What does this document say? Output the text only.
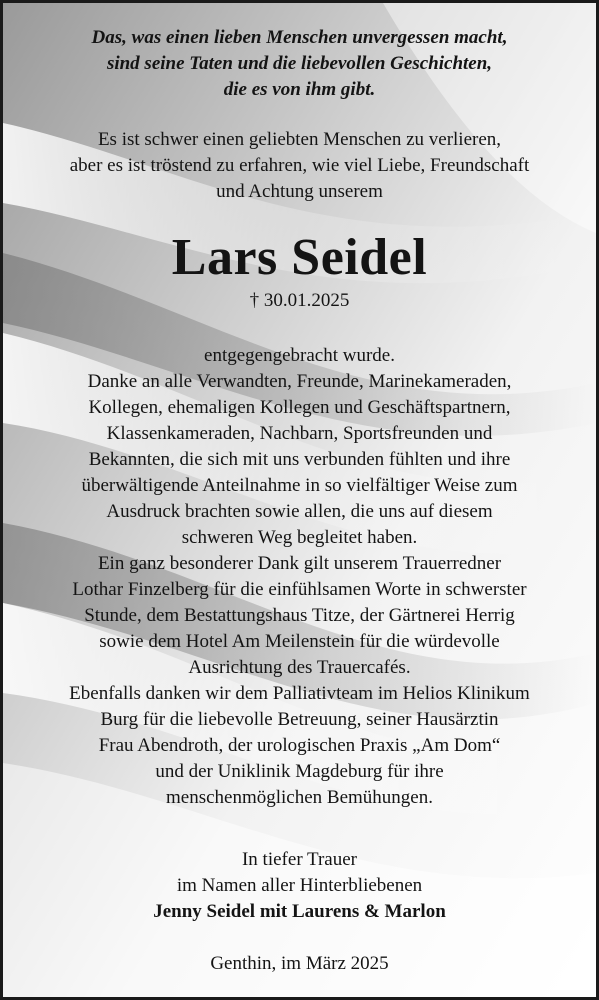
Das, was einen lieben Menschen unvergessen macht,
sind seine Taten und die liebevollen Geschichten,
die es von ihm gibt.
Es ist schwer einen geliebten Menschen zu verlieren,
aber es ist tröstend zu erfahren, wie viel Liebe, Freundschaft
und Achtung unserem
Lars Seidel
† 30.01.2025
entgegengebracht wurde.
Danke an alle Verwandten, Freunde, Marinekameraden,
Kollegen, ehemaligen Kollegen und Geschäftspartnern,
Klassenkameraden, Nachbarn, Sportsfreunden und
Bekannten, die sich mit uns verbunden fühlten und ihre
überwältigende Anteilnahme in so vielfältiger Weise zum
Ausdruck brachten sowie allen, die uns auf diesem
schweren Weg begleitet haben.
Ein ganz besonderer Dank gilt unserem Trauerredner
Lothar Finzelberg für die einfühlsamen Worte in schwerster
Stunde, dem Bestattungshaus Titze, der Gärtnerei Herrig
sowie dem Hotel Am Meilenstein für die würdevolle
Ausrichtung des Trauercafés.
Ebenfalls danken wir dem Palliativteam im Helios Klinikum
Burg für die liebevolle Betreuung, seiner Hausärztin
Frau Abendroth, der urologischen Praxis „Am Dom“
und der Uniklinik Magdeburg für ihre
menschenmöglichen Bemühungen.
In tiefer Trauer
im Namen aller Hinterbliebenen
Jenny Seidel mit Laurens & Marlon
Genthin, im März 2025
